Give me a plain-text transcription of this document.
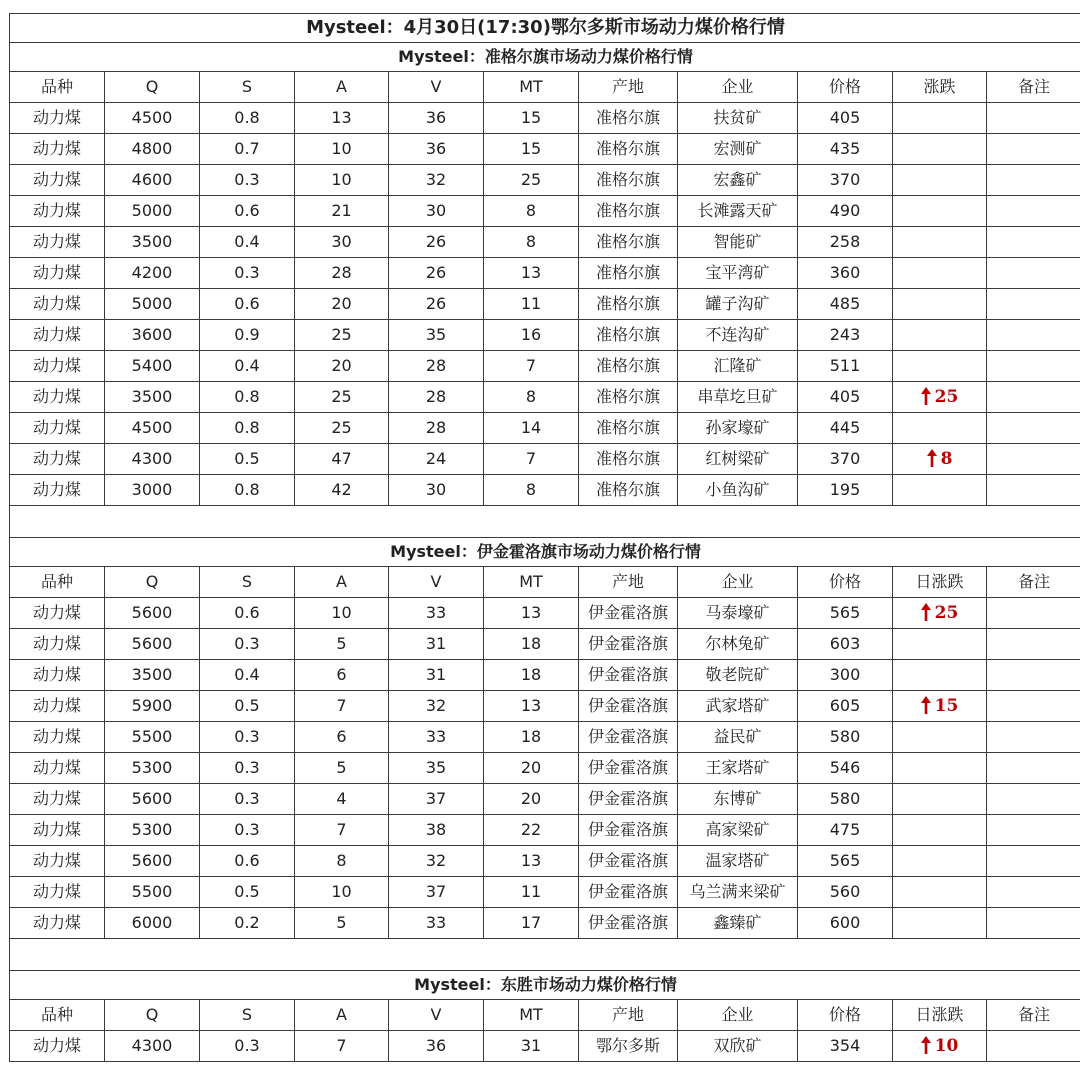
Mysteel：4月30日(17:30)鄂尔多斯市场动力煤价格行情										
Mysteel：准格尔旗市场动力煤价格行情										
品种	Q	S	A	V	MT	产地	企业	价格	涨跌	备注
动力煤	4500	0.8	13	36	15	准格尔旗	扶贫矿	405		
动力煤	4800	0.7	10	36	15	准格尔旗	宏测矿	435		
动力煤	4600	0.3	10	32	25	准格尔旗	宏鑫矿	370		
动力煤	5000	0.6	21	30	8	准格尔旗	长滩露天矿	490		
动力煤	3500	0.4	30	26	8	准格尔旗	智能矿	258		
动力煤	4200	0.3	28	26	13	准格尔旗	宝平湾矿	360		
动力煤	5000	0.6	20	26	11	准格尔旗	罐子沟矿	485		
动力煤	3600	0.9	25	35	16	准格尔旗	不连沟矿	243		
动力煤	5400	0.4	20	28	7	准格尔旗	汇隆矿	511		
动力煤	3500	0.8	25	28	8	准格尔旗	串草圪旦矿	405	25	
动力煤	4500	0.8	25	28	14	准格尔旗	孙家壕矿	445		
动力煤	4300	0.5	47	24	7	准格尔旗	红树梁矿	370	8	
动力煤	3000	0.8	42	30	8	准格尔旗	小鱼沟矿	195		

Mysteel：伊金霍洛旗市场动力煤价格行情										
品种	Q	S	A	V	MT	产地	企业	价格	日涨跌	备注
动力煤	5600	0.6	10	33	13	伊金霍洛旗	马泰壕矿	565	25	
动力煤	5600	0.3	5	31	18	伊金霍洛旗	尔林兔矿	603		
动力煤	3500	0.4	6	31	18	伊金霍洛旗	敬老院矿	300		
动力煤	5900	0.5	7	32	13	伊金霍洛旗	武家塔矿	605	15	
动力煤	5500	0.3	6	33	18	伊金霍洛旗	益民矿	580		
动力煤	5300	0.3	5	35	20	伊金霍洛旗	王家塔矿	546		
动力煤	5600	0.3	4	37	20	伊金霍洛旗	东博矿	580		
动力煤	5300	0.3	7	38	22	伊金霍洛旗	高家梁矿	475		
动力煤	5600	0.6	8	32	13	伊金霍洛旗	温家塔矿	565		
动力煤	5500	0.5	10	37	11	伊金霍洛旗	乌兰满来梁矿	560		
动力煤	6000	0.2	5	33	17	伊金霍洛旗	鑫臻矿	600		

Mysteel：东胜市场动力煤价格行情										
品种	Q	S	A	V	MT	产地	企业	价格	日涨跌	备注
动力煤	4300	0.3	7	36	31	鄂尔多斯	双欣矿	354	10	
